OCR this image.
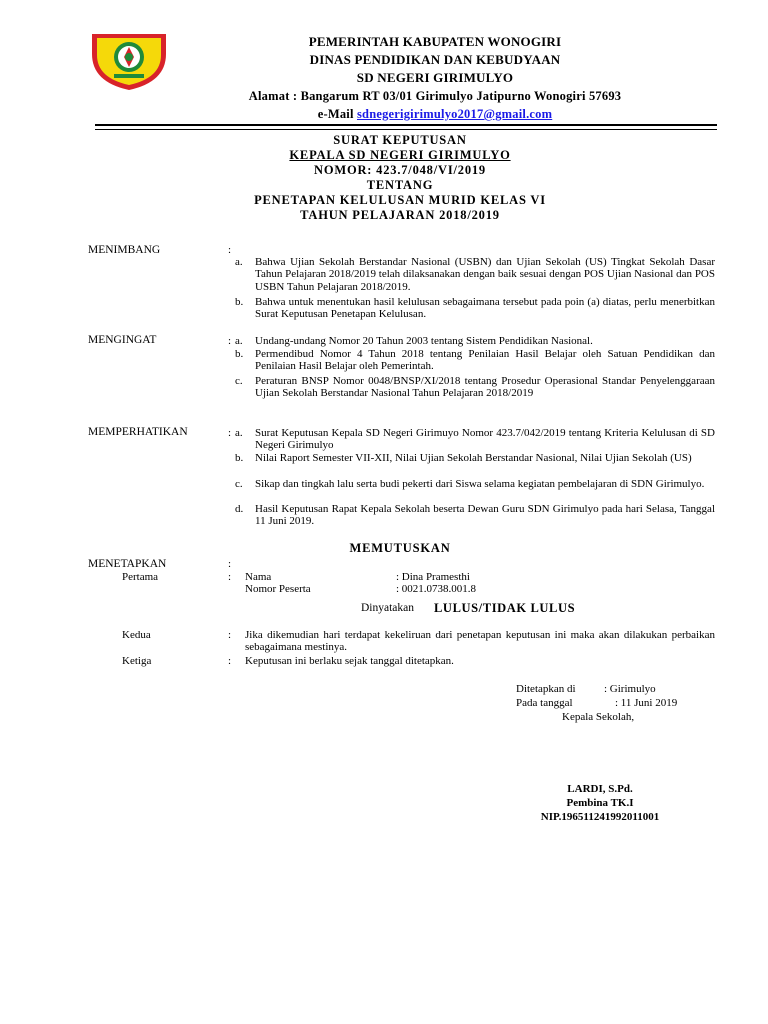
PEMERINTAH KABUPATEN WONOGIRI
DINAS PENDIDIKAN DAN KEBUDYAAN
SD NEGERI GIRIMULYO
Alamat : Bangarum RT 03/01 Girimulyo Jatipurno Wonogiri 57693
e-Mail sdnegerigirimulyo2017@gmail.com
SURAT KEPUTUSAN
KEPALA SD NEGERI GIRIMULYO
NOMOR: 423.7/048/VI/2019
TENTANG
PENETAPAN KELULUSAN MURID KELAS VI
TAHUN PELAJARAN 2018/2019
MENIMBANG	:
a.	Bahwa Ujian Sekolah Berstandar Nasional (USBN) dan Ujian Sekolah (US) Tingkat Sekolah Dasar Tahun Pelajaran 2018/2019 telah dilaksanakan dengan baik sesuai dengan POS Ujian Nasional dan POS USBN Tahun Pelajaran 2018/2019.
b.	Bahwa untuk menentukan hasil kelulusan sebagaimana tersebut pada poin (a) diatas, perlu menerbitkan Surat Keputusan Penetapan Kelulusan.
MENGINGAT	: a.	Undang-undang Nomor 20 Tahun 2003 tentang Sistem Pendidikan Nasional.
b.	Permendibud Nomor 4 Tahun 2018 tentang Penilaian Hasil Belajar oleh Satuan Pendidikan dan Penilaian Hasil Belajar oleh Pemerintah.
c.	Peraturan BNSP Nomor 0048/BNSP/XI/2018 tentang Prosedur Operasional Standar Penyelenggaraan Ujian Sekolah Berstandar Nasional Tahun Pelajaran 2018/2019
MEMPERHATIKAN	: a.	Surat Keputusan Kepala SD Negeri Girimuyo Nomor 423.7/042/2019 tentang Kriteria Kelulusan di SD Negeri Girimulyo
b.	Nilai Raport Semester VII-XII, Nilai Ujian Sekolah Berstandar Nasional, Nilai Ujian Sekolah (US)
c.	Sikap dan tingkah lalu serta budi pekerti dari Siswa selama kegiatan pembelajaran di SDN Girimulyo.
d.	Hasil Keputusan Rapat Kepala Sekolah beserta Dewan Guru SDN Girimulyo pada hari Selasa, Tanggal 11 Juni 2019.
MEMUTUSKAN
MENETAPKAN	:
Pertama	: Nama	: Dina Pramesthi
Nomor Peserta	: 0021.0738.001.8
Dinyatakan LULUS/TIDAK LULUS
Kedua	: Jika dikemudian hari terdapat kekeliruan dari penetapan keputusan ini maka akan dilakukan perbaikan sebagaimana mestinya.
Ketiga	: Keputusan ini berlaku sejak tanggal ditetapkan.
Ditetapkan di	: Girimulyo
Pada tanggal	: 11 Juni 2019
Kepala Sekolah,
LARDI, S.Pd.
Pembina TK.I
NIP.196511241992011001
